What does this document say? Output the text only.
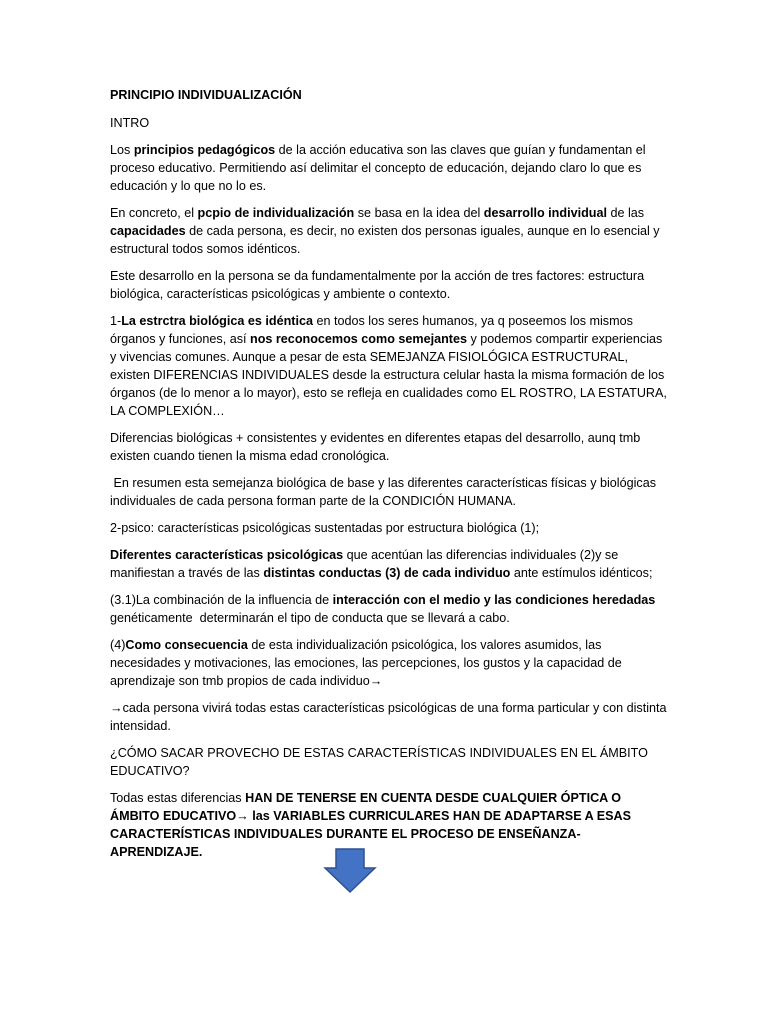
PRINCIPIO INDIVIDUALIZACIÓN

INTRO

Los principios pedagógicos de la acción educativa son las claves que guían y fundamentan el proceso educativo. Permitiendo así delimitar el concepto de educación, dejando claro lo que es educación y lo que no lo es.

En concreto, el pcpio de individualización se basa en la idea del desarrollo individual de las capacidades de cada persona, es decir, no existen dos personas iguales, aunque en lo esencial y estructural todos somos idénticos.

Este desarrollo en la persona se da fundamentalmente por la acción de tres factores: estructura biológica, características psicológicas y ambiente o contexto.

1-La estrctra biológica es idéntica en todos los seres humanos, ya q poseemos los mismos órganos y funciones, así nos reconocemos como semejantes y podemos compartir experiencias y vivencias comunes. Aunque a pesar de esta SEMEJANZA FISIOLÓGICA ESTRUCTURAL, existen DIFERENCIAS INDIVIDUALES desde la estructura celular hasta la misma formación de los órganos (de lo menor a lo mayor), esto se refleja en cualidades como EL ROSTRO, LA ESTATURA, LA COMPLEXIÓN…

Diferencias biológicas + consistentes y evidentes en diferentes etapas del desarrollo, aunq tmb existen cuando tienen la misma edad cronológica.

En resumen esta semejanza biológica de base y las diferentes características físicas y biológicas individuales de cada persona forman parte de la CONDICIÓN HUMANA.

2-psico: características psicológicas sustentadas por estructura biológica (1);

Diferentes características psicológicas que acentúan las diferencias individuales (2)y se manifiestan a través de las distintas conductas (3) de cada individuo ante estímulos idénticos;

(3.1)La combinación de la influencia de interacción con el medio y las condiciones heredadas genéticamente  determinarán el tipo de conducta que se llevará a cabo.

(4)Como consecuencia de esta individualización psicológica, los valores asumidos, las necesidades y motivaciones, las emociones, las percepciones, los gustos y la capacidad de aprendizaje son tmb propios de cada individuo→

→cada persona vivirá todas estas características psicológicas de una forma particular y con distinta intensidad.

¿CÓMO SACAR PROVECHO DE ESTAS CARACTERÍSTICAS INDIVIDUALES EN EL ÁMBITO EDUCATIVO?

Todas estas diferencias HAN DE TENERSE EN CUENTA DESDE CUALQUIER ÓPTICA O ÁMBITO EDUCATIVO→ las VARIABLES CURRICULARES HAN DE ADAPTARSE A ESAS CARACTERÍSTICAS INDIVIDUALES DURANTE EL PROCESO DE ENSEÑANZA-APRENDIZAJE.
